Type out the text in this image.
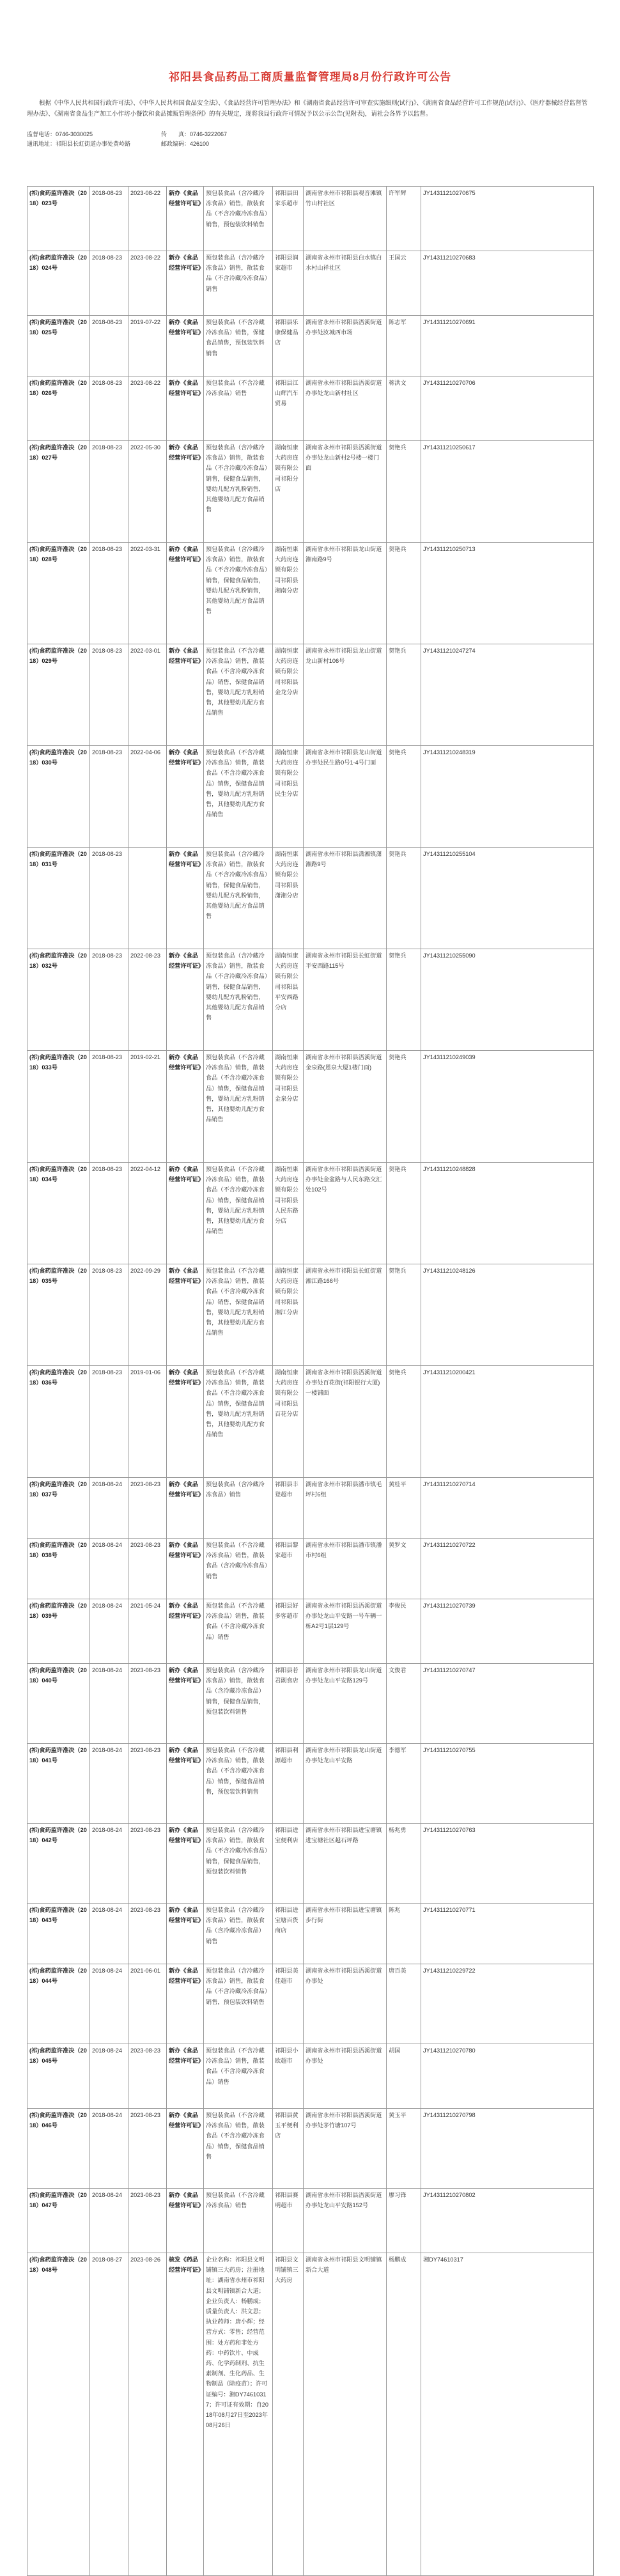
祁阳县食品药品工商质量监督管理局8月份行政许可公告

根据《中华人民共和国行政许可法》、《中华人民共和国食品安全法》、《食品经营许可管理办法》和《湖南省食品经营许可审查实施细则(试行)》、《湖南省食品经营许可工作规范(试行)》、《医疗器械经营监督管理办法》、《湖南省食品生产加工小作坊小餐饮和食品摊贩管理条例》的有关规定，现将我局行政许可情况予以公示公告(见附表)，请社会各界予以监督。

监督电话：0746-3030025	传　　真：0746-3222067
通讯地址：祁阳县长虹街道办事处黄岭路	邮政编码：426100
(祁)食药监许准决（2018）023号	2018-08-23	2023-08-22	新办《食品经营许可证》	预包装食品（含冷藏冷冻食品）销售，散装食品（不含冷藏冷冻食品）销售，预包装饮料销售	祁阳县田家乐超市	湖南省永州市祁阳县观音滩镇竹山村社区	许军辉	JY14311210270675
(祁)食药监许准决（2018）024号	2018-08-23	2023-08-22	新办《食品经营许可证》	预包装食品（含冷藏冷冻食品）销售，散装食品（不含冷藏冷冻食品）销售	祁阳县润家超市	湖南省永州市祁阳县白水镇白水村山祥社区	王国云	JY14311210270683
(祁)食药监许准决（2018）025号	2018-08-23	2019-07-22	新办《食品经营许可证》	预包装食品（不含冷藏冷冻食品）销售，保健食品销售，预包装饮料销售	祁阳县乐康保健品店	湖南省永州市祁阳县浯溪街道办事处汝城西市场	陈志军	JY14311210270691
(祁)食药监许准决（2018）026号	2018-08-23	2023-08-22	新办《食品经营许可证》	预包装食品（不含冷藏冷冻食品）销售	祁阳县江山辉汽车贸易	湖南省永州市祁阳县浯溪街道办事处龙山新村社区	蒋洪文	JY14311210270706
(祁)食药监许准决（2018）027号	2018-08-23	2022-05-30	新办《食品经营许可证》	预包装食品（含冷藏冷冻食品）销售，散装食品（不含冷藏冷冻食品）销售，保健食品销售，婴幼儿配方乳粉销售，其他婴幼儿配方食品销售	湖南恒康大药房连锁有限公司祁阳分店	湖南省永州市祁阳县浯溪街道办事处龙山新村2号楼一楼门面	贺艳兵	JY14311210250617
(祁)食药监许准决（2018）028号	2018-08-23	2022-03-31	新办《食品经营许可证》	预包装食品（含冷藏冷冻食品）销售，散装食品（不含冷藏冷冻食品）销售，保健食品销售，婴幼儿配方乳粉销售，其他婴幼儿配方食品销售	湖南恒康大药房连锁有限公司祁阳县湘南分店	湖南省永州市祁阳县龙山街道湘南路9号	贺艳兵	JY14311210250713
(祁)食药监许准决（2018）029号	2018-08-23	2022-03-01	新办《食品经营许可证》	预包装食品（不含冷藏冷冻食品）销售，散装食品（不含冷藏冷冻食品）销售，保健食品销售，婴幼儿配方乳粉销售，其他婴幼儿配方食品销售	湖南恒康大药房连锁有限公司祁阳县金龙分店	湖南省永州市祁阳县龙山街道龙山新村106号	贺艳兵	JY14311210247274
(祁)食药监许准决（2018）030号	2018-08-23	2022-04-06	新办《食品经营许可证》	预包装食品（不含冷藏冷冻食品）销售，散装食品（不含冷藏冷冻食品）销售，保健食品销售，婴幼儿配方乳粉销售，其他婴幼儿配方食品销售	湖南恒康大药房连锁有限公司祁阳县民生分店	湖南省永州市祁阳县龙山街道办事处民生路0号1-4号门面	贺艳兵	JY14311210248319
(祁)食药监许准决（2018）031号	2018-08-23		新办《食品经营许可证》	预包装食品（含冷藏冷冻食品）销售，散装食品（不含冷藏冷冻食品）销售，保健食品销售，婴幼儿配方乳粉销售，其他婴幼儿配方食品销售	湖南恒康大药房连锁有限公司祁阳县潇湘分店	湖南省永州市祁阳县潇湘镇潇湘路9号	贺艳兵	JY14311210255104
(祁)食药监许准决（2018）032号	2018-08-23	2022-08-23	新办《食品经营许可证》	预包装食品（含冷藏冷冻食品）销售，散装食品（不含冷藏冷冻食品）销售，保健食品销售，婴幼儿配方乳粉销售，其他婴幼儿配方食品销售	湖南恒康大药房连锁有限公司祁阳县平安西路分店	湖南省永州市祁阳县长虹街道平安西路115号	贺艳兵	JY14311210255090
(祁)食药监许准决（2018）033号	2018-08-23	2019-02-21	新办《食品经营许可证》	预包装食品（不含冷藏冷冻食品）销售，散装食品（不含冷藏冷冻食品）销售，保健食品销售，婴幼儿配方乳粉销售，其他婴幼儿配方食品销售	湖南恒康大药房连锁有限公司祁阳县金泉分店	湖南省永州市祁阳县浯溪街道金泉路(恩泉大厦1楼门面)	贺艳兵	JY14311210249039
(祁)食药监许准决（2018）034号	2018-08-23	2022-04-12	新办《食品经营许可证》	预包装食品（不含冷藏冷冻食品）销售，散装食品（不含冷藏冷冻食品）销售，保健食品销售，婴幼儿配方乳粉销售，其他婴幼儿配方食品销售	湖南恒康大药房连锁有限公司祁阳县人民东路分店	湖南省永州市祁阳县浯溪街道办事处金盆路与人民东路交汇处102号	贺艳兵	JY14311210248828
(祁)食药监许准决（2018）035号	2018-08-23	2022-09-29	新办《食品经营许可证》	预包装食品（不含冷藏冷冻食品）销售，散装食品（不含冷藏冷冻食品）销售，保健食品销售，婴幼儿配方乳粉销售，其他婴幼儿配方食品销售	湖南恒康大药房连锁有限公司祁阳县湘江分店	湖南省永州市祁阳县长虹街道湘江路166号	贺艳兵	JY14311210248126
(祁)食药监许准决（2018）036号	2018-08-23	2019-01-06	新办《食品经营许可证》	预包装食品（不含冷藏冷冻食品）销售，散装食品（不含冷藏冷冻食品）销售，保健食品销售，婴幼儿配方乳粉销售，其他婴幼儿配方食品销售	湖南恒康大药房连锁有限公司祁阳县百花分店	湖南省永州市祁阳县浯溪街道办事处百花街(祁阳银行大厦)一楼铺面	贺艳兵	JY14311210200421
(祁)食药监许准决（2018）037号	2018-08-24	2023-08-23	新办《食品经营许可证》	预包装食品（含冷藏冷冻食品）销售	祁阳县丰登超市	湖南省永州市祁阳县潘市镇毛坪村6组	黄桂平	JY14311210270714
(祁)食药监许准决（2018）038号	2018-08-24	2023-08-23	新办《食品经营许可证》	预包装食品（不含冷藏冷冻食品）销售，散装食品（含冷藏冷冻食品）销售	祁阳县黎家超市	湖南省永州市祁阳县潘市镇潘市村6组	黄罗文	JY14311210270722
(祁)食药监许准决（2018）039号	2018-08-24	2021-05-24	新办《食品经营许可证》	预包装食品（不含冷藏冷冻食品）销售，散装食品（不含冷藏冷冻食品）销售	祁阳县好多客超市	湖南省永州市祁阳县浯溪街道办事处龙山平安路一号车辆一栋A2号1层129号	李俊民	JY14311210270739
(祁)食药监许准决（2018）040号	2018-08-24	2023-08-23	新办《食品经营许可证》	预包装食品（含冷藏冷冻食品）销售，散装食品（含冷藏冷冻食品）销售，保健食品销售，预包装饮料销售	祁阳县若君副食店	湖南省永州市祁阳县龙山街道办事处龙山平安路129号	文俊君	JY14311210270747
(祁)食药监许准决（2018）041号	2018-08-24	2023-08-23	新办《食品经营许可证》	预包装食品（不含冷藏冷冻食品）销售，散装食品（不含冷藏冷冻食品）销售，保健食品销售，预包装饮料销售	祁阳县利源超市	湖南省永州市祁阳县龙山街道办事处龙山平安路	李德军	JY14311210270755
(祁)食药监许准决（2018）042号	2018-08-24	2023-08-23	新办《食品经营许可证》	预包装食品（含冷藏冷冻食品）销售，散装食品（不含冷藏冷冻食品）销售，保健食品销售，预包装饮料销售	祁阳县进宝便利店	湖南省永州市祁阳县进宝塘镇进宝塘社区越石坪路	杨兆勇	JY14311210270763
(祁)食药监许准决（2018）043号	2018-08-24	2023-08-23	新办《食品经营许可证》	预包装食品（含冷藏冷冻食品）销售，散装食品（含冷藏冷冻食品）销售	祁阳县进宝塘百货商店	湖南省永州市祁阳县进宝塘镇步行街	陈兆	JY14311210270771
(祁)食药监许准决（2018）044号	2018-08-24	2021-06-01	新办《食品经营许可证》	预包装食品（含冷藏冷冻食品）销售，散装食品（不含冷藏冷冻食品）销售，预包装饮料销售	祁阳县美佳超市	湖南省永州市祁阳县浯溪街道办事处	唐百美	JY14311210229722
(祁)食药监许准决（2018）045号	2018-08-24	2023-08-23	新办《食品经营许可证》	预包装食品（不含冷藏冷冻食品）销售，散装食品（不含冷藏冷冻食品）销售	祁阳县小欧超市	湖南省永州市祁阳县浯溪街道办事处	胡国	JY14311210270780
(祁)食药监许准决（2018）046号	2018-08-24	2023-08-23	新办《食品经营许可证》	预包装食品（不含冷藏冷冻食品）销售，散装食品（不含冷藏冷冻食品）销售，保健食品销售	祁阳县黄玉平便利店	湖南省永州市祁阳县浯溪街道办事处茅竹塘107号	黄玉平	JY14311210270798
(祁)食药监许准决（2018）047号	2018-08-24	2023-08-23	新办《食品经营许可证》	预包装食品（不含冷藏冷冻食品）销售	祁阳县赛明超市	湖南省永州市祁阳县浯溪街道办事处龙山平安路152号	廖习锋	JY14311210270802
(祁)食药监许准决（2018）048号	2018-08-27	2023-08-26	核发《药品经营许可证》	企业名称：祁阳县文明铺镇三大药房；注册地址：湖南省永州市祁阳县文明铺镇新合大道；企业负责人：杨鹏成；质量负责人：洪文思；执业药师：唐小辉；经营方式：零售；经营范围：处方药和非处方药：中药饮片、中成药、化学药制剂、抗生素制剂、生化药品、生物制品（除疫苗）；许可证编号：湘DY74610317；许可证有效期：自2018年08月27日至2023年08月26日	祁阳县文明铺镇三大药房	湖南省永州市祁阳县文明铺镇新合大道	杨鹏成	湘DY74610317
